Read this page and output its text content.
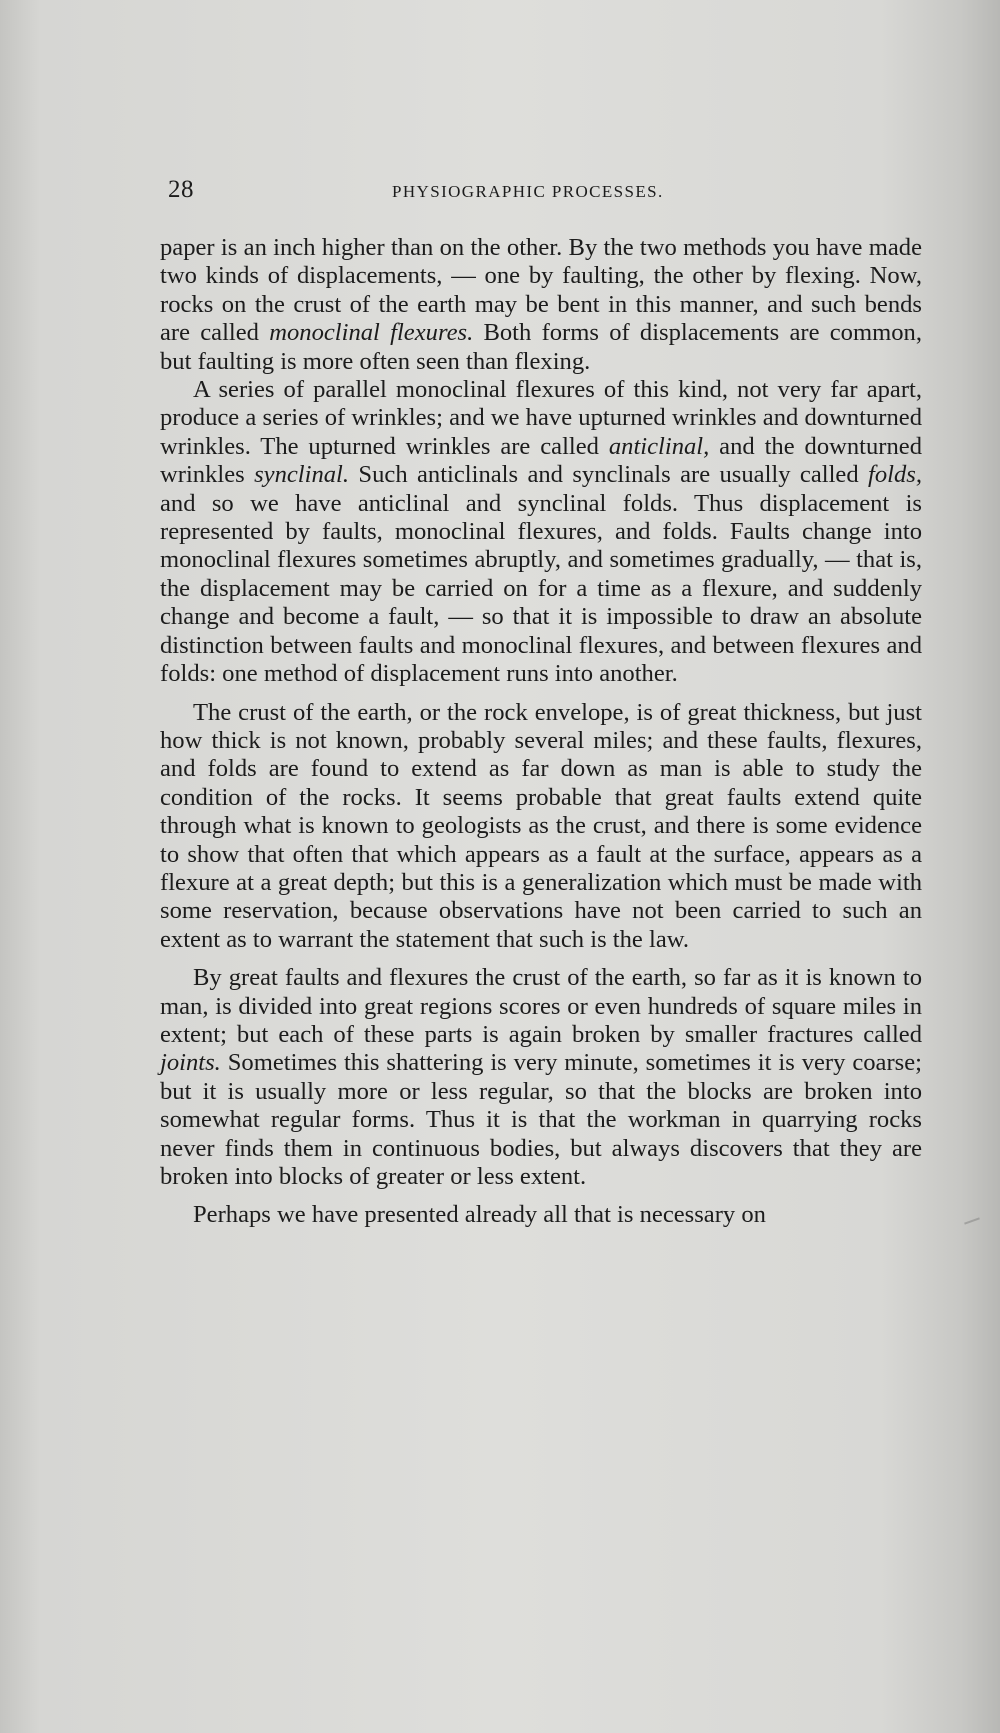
28	PHYSIOGRAPHIC PROCESSES.

paper is an inch higher than on the other. By the two methods you have made two kinds of displacements, — one by faulting, the other by flexing. Now, rocks on the crust of the earth may be bent in this manner, and such bends are called monoclinal flexures. Both forms of displacements are common, but faulting is more often seen than flexing.

A series of parallel monoclinal flexures of this kind, not very far apart, produce a series of wrinkles; and we have upturned wrinkles and downturned wrinkles. The upturned wrinkles are called anticlinal, and the downturned wrinkles synclinal. Such anticlinals and synclinals are usually called folds, and so we have anticlinal and synclinal folds. Thus displacement is represented by faults, monoclinal flexures, and folds. Faults change into monoclinal flexures sometimes abruptly, and sometimes gradually, — that is, the displacement may be carried on for a time as a flexure, and suddenly change and become a fault, — so that it is impossible to draw an absolute distinction between faults and monoclinal flexures, and between flexures and folds: one method of displacement runs into another.

The crust of the earth, or the rock envelope, is of great thickness, but just how thick is not known, probably several miles; and these faults, flexures, and folds are found to extend as far down as man is able to study the condition of the rocks. It seems probable that great faults extend quite through what is known to geologists as the crust, and there is some evidence to show that often that which appears as a fault at the surface, appears as a flexure at a great depth; but this is a generalization which must be made with some reservation, because observations have not been carried to such an extent as to warrant the statement that such is the law.

By great faults and flexures the crust of the earth, so far as it is known to man, is divided into great regions scores or even hundreds of square miles in extent; but each of these parts is again broken by smaller fractures called joints. Sometimes this shattering is very minute, sometimes it is very coarse; but it is usually more or less regular, so that the blocks are broken into somewhat regular forms. Thus it is that the workman in quarrying rocks never finds them in continuous bodies, but always discovers that they are broken into blocks of greater or less extent.

Perhaps we have presented already all that is necessary on
